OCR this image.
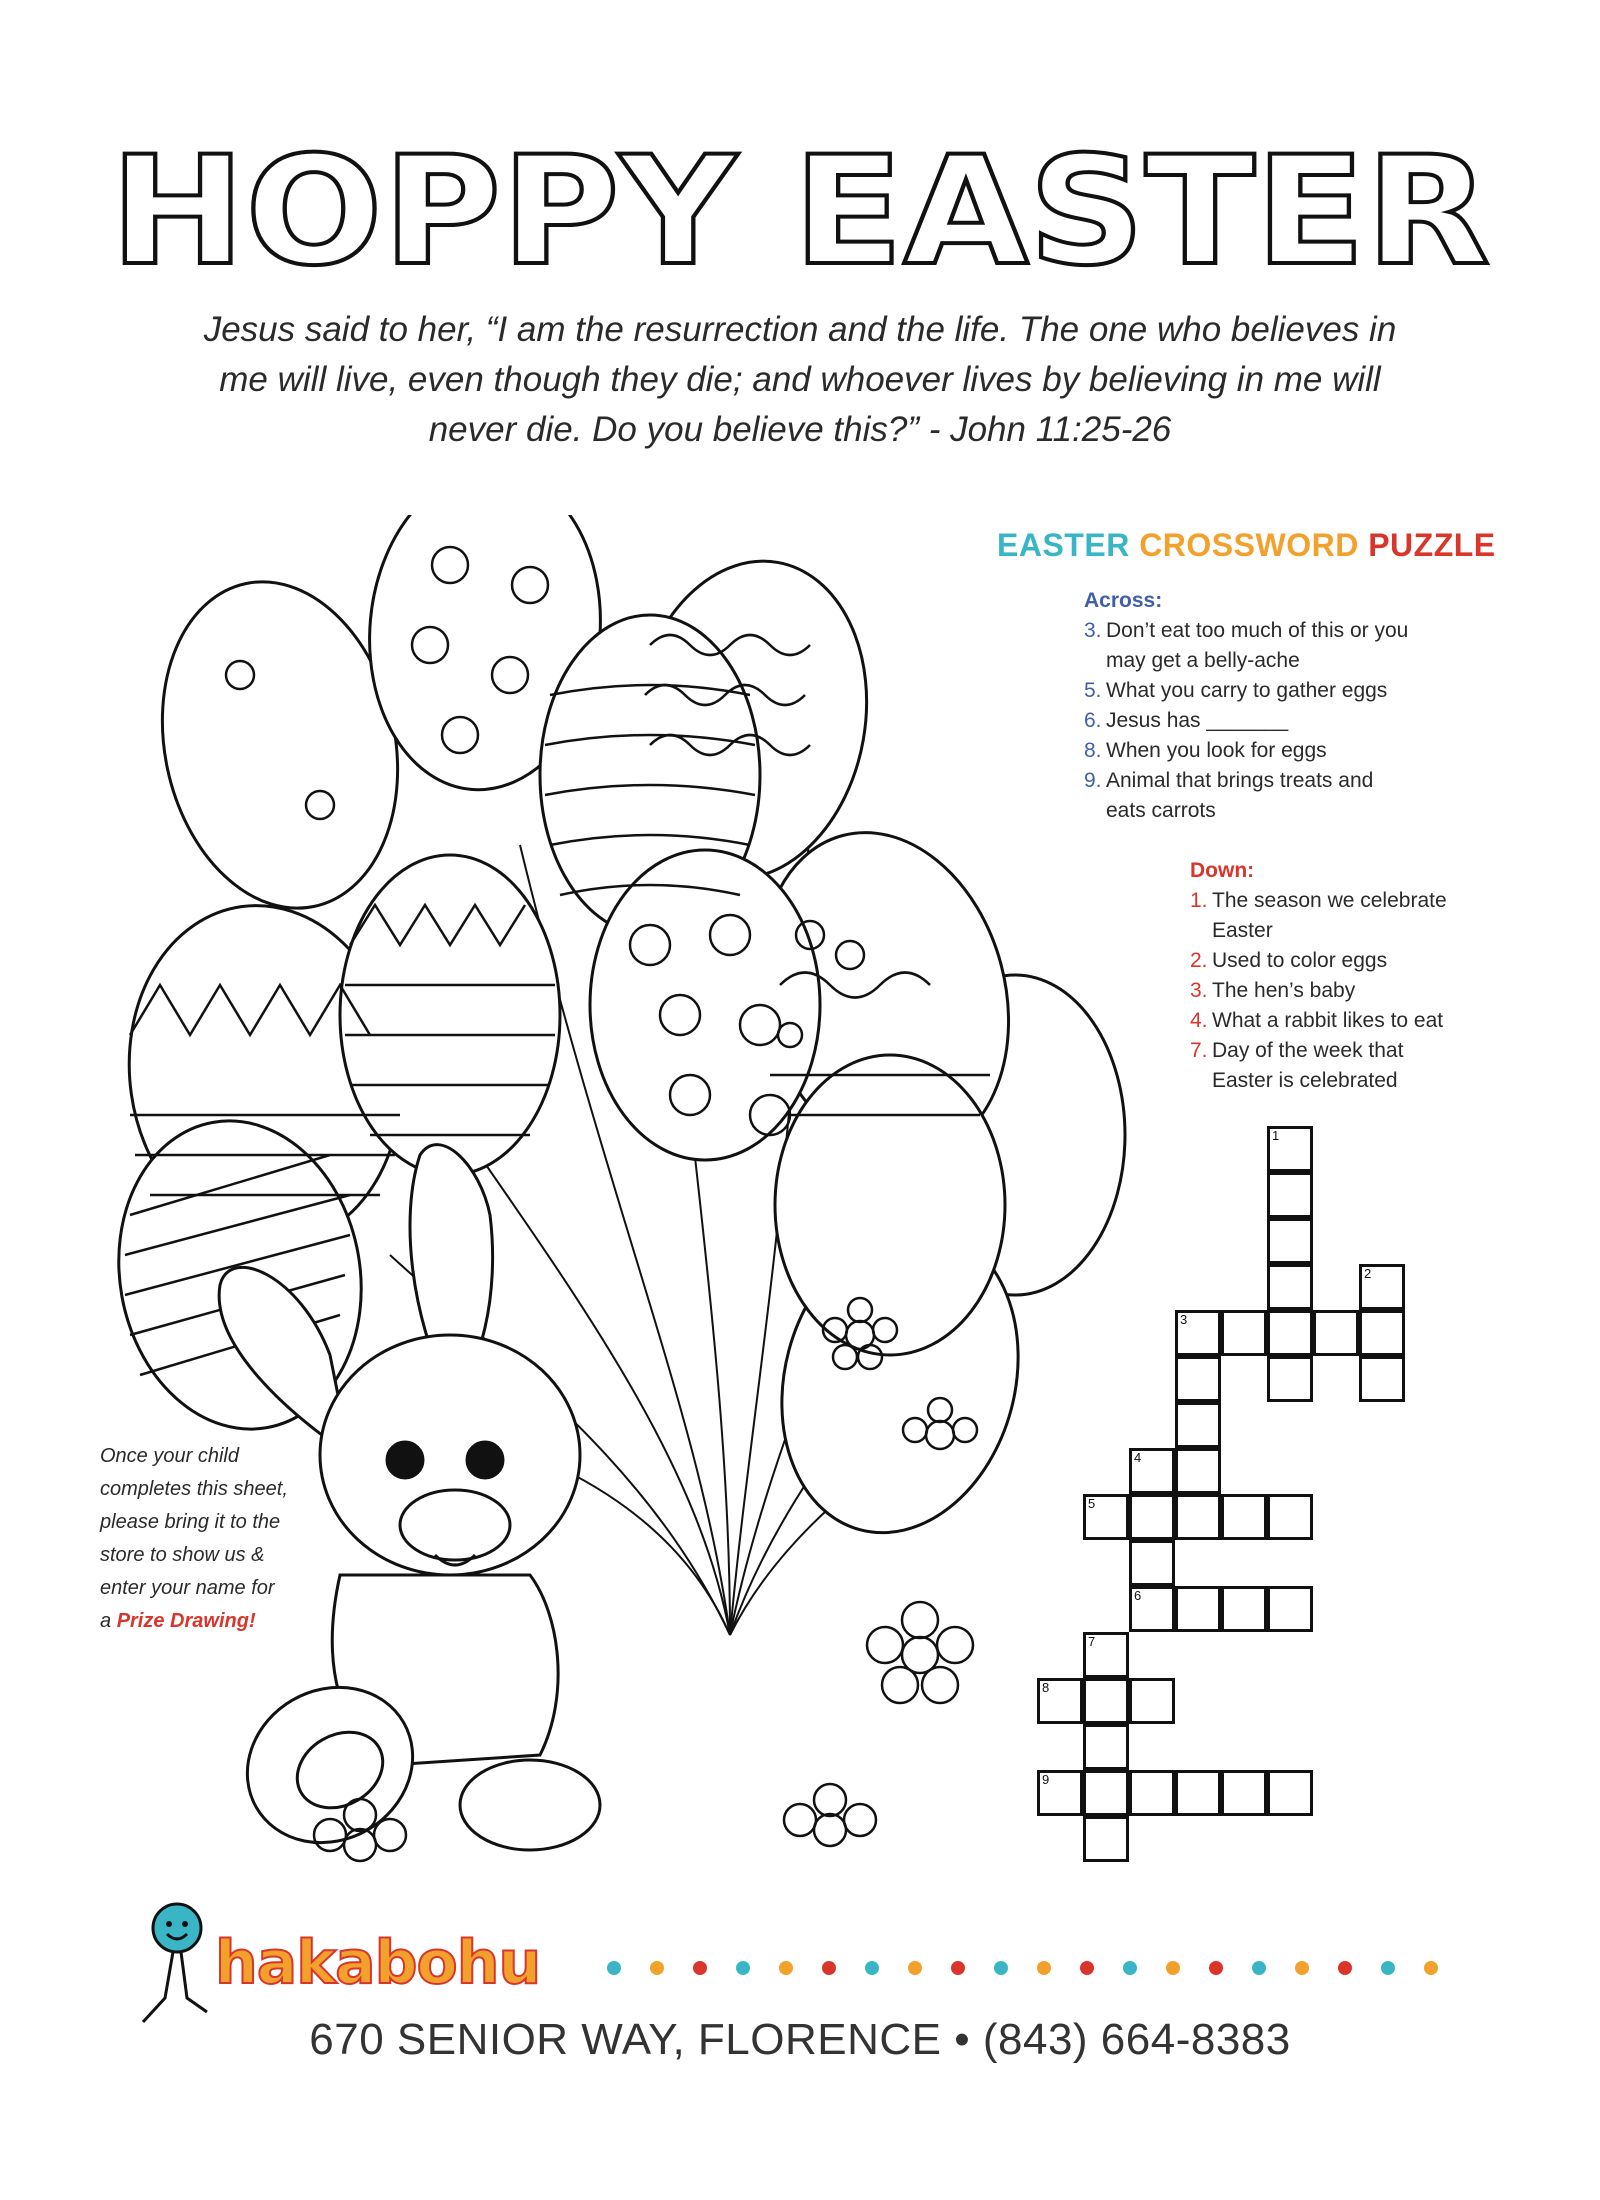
HOPPY EASTER
Jesus said to her, “I am the resurrection and the life. The one who believes in
me will live, even though they die; and whoever lives by believing in me will
never die. Do you believe this?” - John 11:25-26
EASTER CROSSWORD PUZZLE
Across:
3. Don’t eat too much of this or you
may get a belly-ache
5. What you carry to gather eggs
6. Jesus has _______
8. When you look for eggs
9. Animal that brings treats and
eats carrots
Down:
1. The season we celebrate
Easter
2. Used to color eggs
3. The hen’s baby
4. What a rabbit likes to eat
7. Day of the week that
Easter is celebrated
1
2
3
4
6
5
7
8
9
Once your child
completes this sheet,
please bring it to the
store to show us &
enter your name for
a Prize Drawing!
hakabohu
670 SENIOR WAY, FLORENCE • (843) 664-8383
